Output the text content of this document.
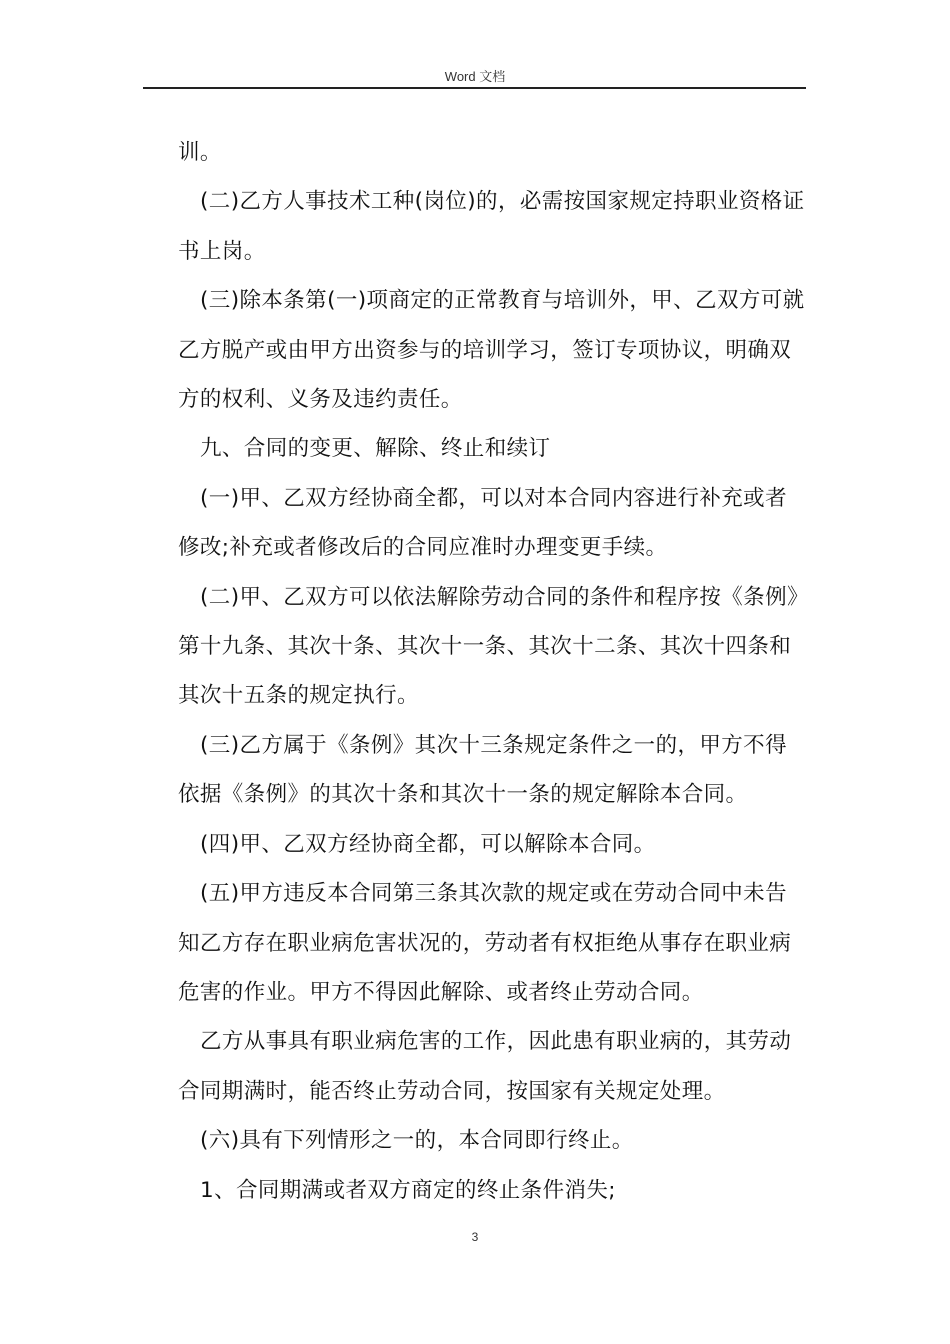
Word 文档

训。

(二)乙方人事技术工种(岗位)的，必需按国家规定持职业资格证书上岗。

(三)除本条第(一)项商定的正常教育与培训外，甲、乙双方可就乙方脱产或由甲方出资参与的培训学习，签订专项协议，明确双方的权利、义务及违约责任。

九、合同的变更、解除、终止和续订

(一)甲、乙双方经协商全都，可以对本合同内容进行补充或者修改;补充或者修改后的合同应准时办理变更手续。

(二)甲、乙双方可以依法解除劳动合同的条件和程序按《条例》第十九条、其次十条、其次十一条、其次十二条、其次十四条和其次十五条的规定执行。

(三)乙方属于《条例》其次十三条规定条件之一的，甲方不得依据《条例》的其次十条和其次十一条的规定解除本合同。

(四)甲、乙双方经协商全都，可以解除本合同。

(五)甲方违反本合同第三条其次款的规定或在劳动合同中未告知乙方存在职业病危害状况的，劳动者有权拒绝从事存在职业病危害的作业。甲方不得因此解除、或者终止劳动合同。

乙方从事具有职业病危害的工作，因此患有职业病的，其劳动合同期满时，能否终止劳动合同，按国家有关规定处理。

(六)具有下列情形之一的，本合同即行终止。

1、合同期满或者双方商定的终止条件消失;

3
